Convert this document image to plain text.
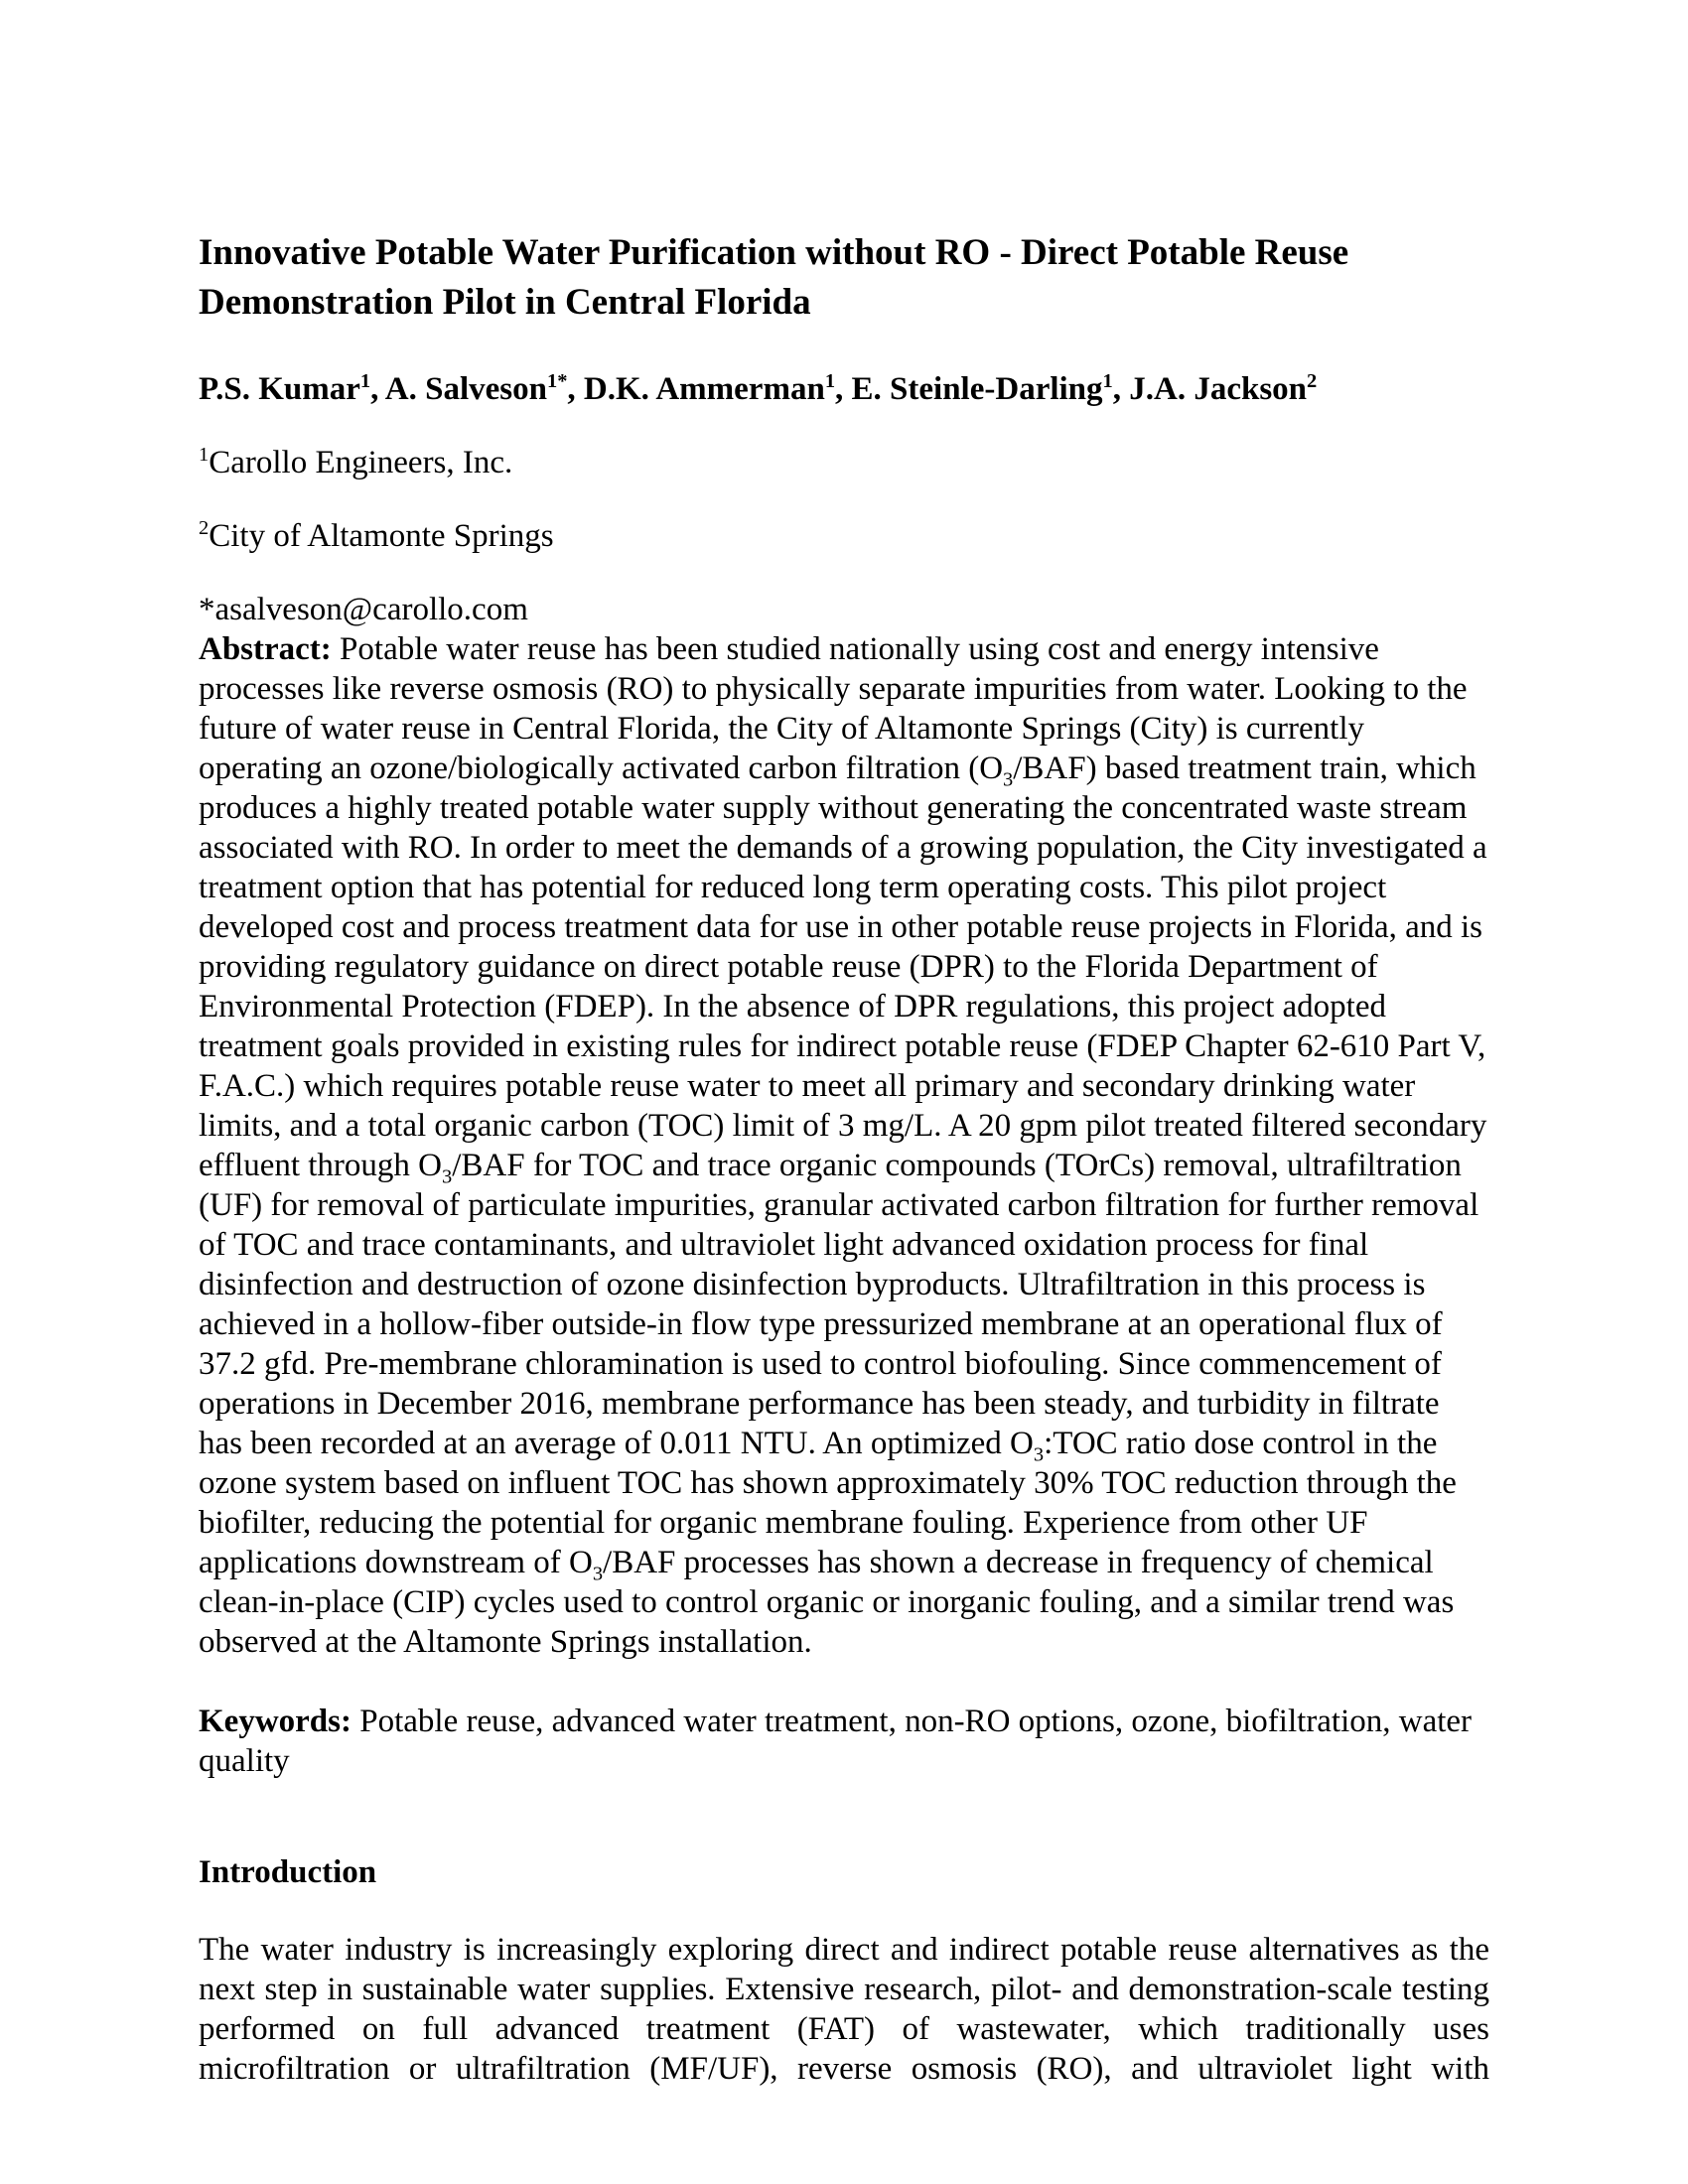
Innovative Potable Water Purification without RO - Direct Potable Reuse Demonstration Pilot in Central Florida

P.S. Kumar$^1$, A. Salveson$^{1*}$, D.K. Ammerman$^1$, E. Steinle-Darling$^1$, J.A. Jackson$^2$

$^1$Carollo Engineers, Inc.

$^2$City of Altamonte Springs

*asalveson@carollo.com

Abstract: Potable water reuse has been studied nationally using cost and energy intensive processes like reverse osmosis (RO) to physically separate impurities from water. Looking to the future of water reuse in Central Florida, the City of Altamonte Springs (City) is currently operating an ozone/biologically activated carbon filtration $(O_3/BAF)$ based treatment train, which produces a highly treated potable water supply without generating the concentrated waste stream associated with RO. In order to meet the demands of a growing population, the City investigated a treatment option that has potential for reduced long term operating costs. This pilot project developed cost and process treatment data for use in other potable reuse projects in Florida, and is providing regulatory guidance on direct potable reuse (DPR) to the Florida Department of Environmental Protection (FDEP). In the absence of DPR regulations, this project adopted treatment goals provided in existing rules for indirect potable reuse (FDEP Chapter 62-610 Part V, F.A.C.) which requires potable reuse water to meet all primary and secondary drinking water limits, and a total organic carbon (TOC) limit of 3 mg/L. A 20 gpm pilot treated filtered secondary effluent through $O_3$/BAF for TOC and trace organic compounds (TOrCs) removal, ultrafiltration (UF) for removal of particulate impurities, granular activated carbon filtration for further removal of TOC and trace contaminants, and ultraviolet light advanced oxidation process for final disinfection and destruction of ozone disinfection byproducts. Ultrafiltration in this process is achieved in a hollow-fiber outside-in flow type pressurized membrane at an operational flux of 37.2 gfd. Pre-membrane chloramination is used to control biofouling. Since commencement of operations in December 2016, membrane performance has been steady, and turbidity in filtrate has been recorded at an average of 0.011 NTU. An optimized $O_3:TOC$ ratio dose control in the ozone system based on influent TOC has shown approximately 30% TOC reduction through the biofilter, reducing the potential for organic membrane fouling. Experience from other UF applications downstream of $O_3$/BAF processes has shown a decrease in frequency of chemical clean-in-place (CIP) cycles used to control organic or inorganic fouling, and a similar trend was observed at the Altamonte Springs installation.

Keywords: Potable reuse, advanced water treatment, non-RO options, ozone, biofiltration, water quality

Introduction

The water industry is increasingly exploring direct and indirect potable reuse alternatives as the next step in sustainable water supplies. Extensive research, pilot- and demonstration-scale testing performed on full advanced treatment (FAT) of wastewater, which traditionally uses microfiltration or ultrafiltration (MF/UF), reverse osmosis (RO), and ultraviolet light with
